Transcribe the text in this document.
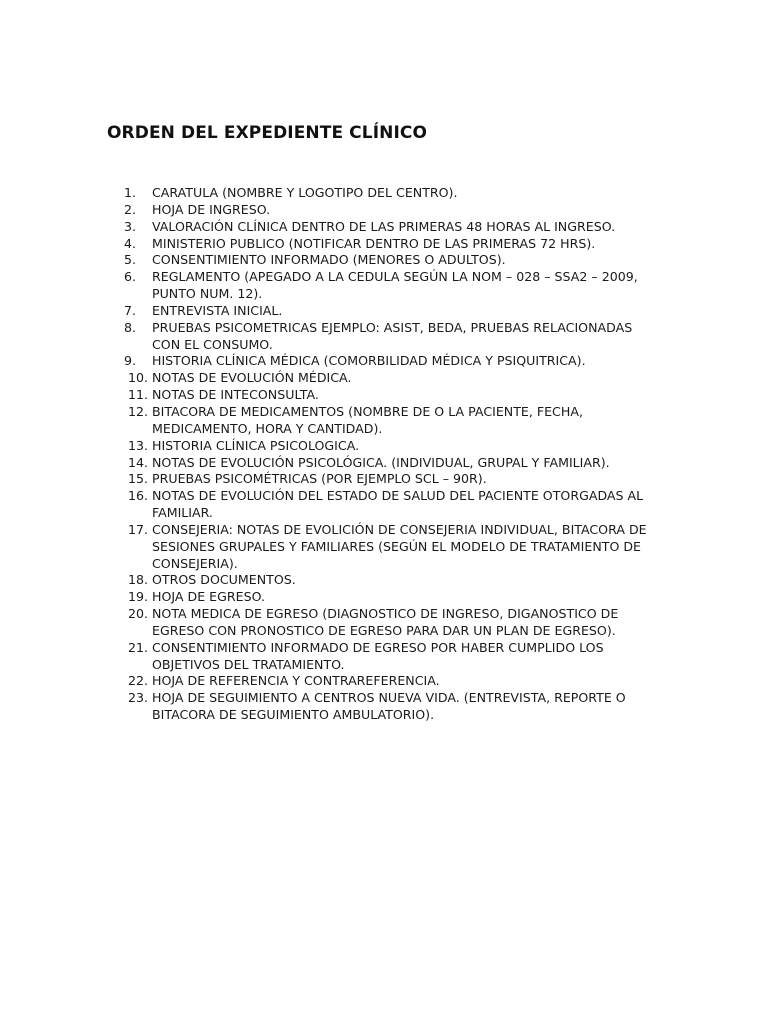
ORDEN DEL EXPEDIENTE CLÍNICO
1.	CARATULA (NOMBRE Y LOGOTIPO DEL CENTRO).
2.	HOJA DE INGRESO.
3.	VALORACIÓN CLÍNICA DENTRO DE LAS PRIMERAS 48 HORAS AL INGRESO.
4.	MINISTERIO PUBLICO (NOTIFICAR DENTRO DE LAS PRIMERAS 72 HRS).
5.	CONSENTIMIENTO INFORMADO (MENORES O ADULTOS).
6.	REGLAMENTO (APEGADO A LA CEDULA SEGÚN LA NOM – 028 – SSA2 – 2009, PUNTO NUM. 12).
7.	ENTREVISTA INICIAL.
8.	PRUEBAS PSICOMETRICAS EJEMPLO: ASIST, BEDA, PRUEBAS RELACIONADAS CON EL CONSUMO.
9.	HISTORIA CLÍNICA MÉDICA (COMORBILIDAD MÉDICA Y PSIQUITRICA).
10. NOTAS DE EVOLUCIÓN MÉDICA.
11. NOTAS DE INTECONSULTA.
12. BITACORA DE MEDICAMENTOS (NOMBRE DE O LA PACIENTE, FECHA, MEDICAMENTO, HORA Y CANTIDAD).
13. HISTORIA CLÍNICA PSICOLOGICA.
14. NOTAS DE EVOLUCIÓN PSICOLÓGICA. (INDIVIDUAL, GRUPAL Y FAMILIAR).
15. PRUEBAS PSICOMÉTRICAS (POR EJEMPLO SCL – 90R).
16. NOTAS DE EVOLUCIÓN DEL ESTADO DE SALUD DEL PACIENTE OTORGADAS AL FAMILIAR.
17. CONSEJERIA: NOTAS DE EVOLICIÓN DE CONSEJERIA INDIVIDUAL, BITACORA DE SESIONES GRUPALES Y FAMILIARES (SEGÚN EL MODELO DE TRATAMIENTO DE CONSEJERIA).
18. OTROS DOCUMENTOS.
19. HOJA DE EGRESO.
20. NOTA MEDICA DE EGRESO (DIAGNOSTICO DE INGRESO, DIGANOSTICO DE EGRESO CON PRONOSTICO DE EGRESO PARA DAR UN PLAN DE EGRESO).
21. CONSENTIMIENTO INFORMADO DE EGRESO POR HABER CUMPLIDO LOS OBJETIVOS DEL TRATAMIENTO.
22. HOJA DE REFERENCIA Y CONTRAREFERENCIA.
23. HOJA DE SEGUIMIENTO A CENTROS NUEVA VIDA. (ENTREVISTA, REPORTE O BITACORA DE SEGUIMIENTO AMBULATORIO).
